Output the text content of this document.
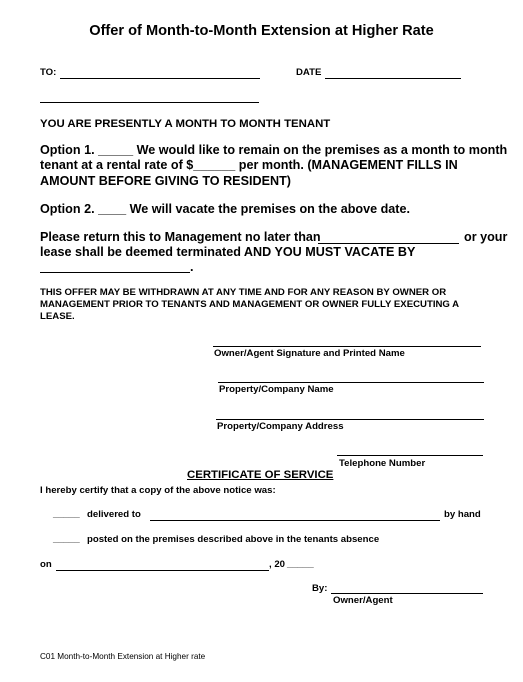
Offer of Month-to-Month Extension at Higher Rate
TO:	DATE
YOU ARE PRESENTLY A MONTH TO MONTH TENANT
Option 1. _____ We would like to remain on the premises as a month to month
tenant at a rental rate of $______ per month. (MANAGEMENT FILLS IN
AMOUNT BEFORE GIVING TO RESIDENT)
Option 2. ____ We will vacate the premises on the above date.
Please return this to Management no later than	or your
lease shall be deemed terminated AND YOU MUST VACATE BY
.
THIS OFFER MAY BE WITHDRAWN AT ANY TIME AND FOR ANY REASON BY OWNER OR
MANAGEMENT PRIOR TO TENANTS AND MANAGEMENT OR OWNER FULLY EXECUTING A
LEASE.
Owner/Agent Signature and Printed Name
Property/Company Name
Property/Company Address
Telephone Number
CERTIFICATE OF SERVICE
I hereby certify that a copy of the above notice was:
_____ delivered to	by hand
_____ posted on the premises described above in the tenants absence
on	, 20 _____
By:
Owner/Agent
C01 Month-to-Month Extension at Higher rate
